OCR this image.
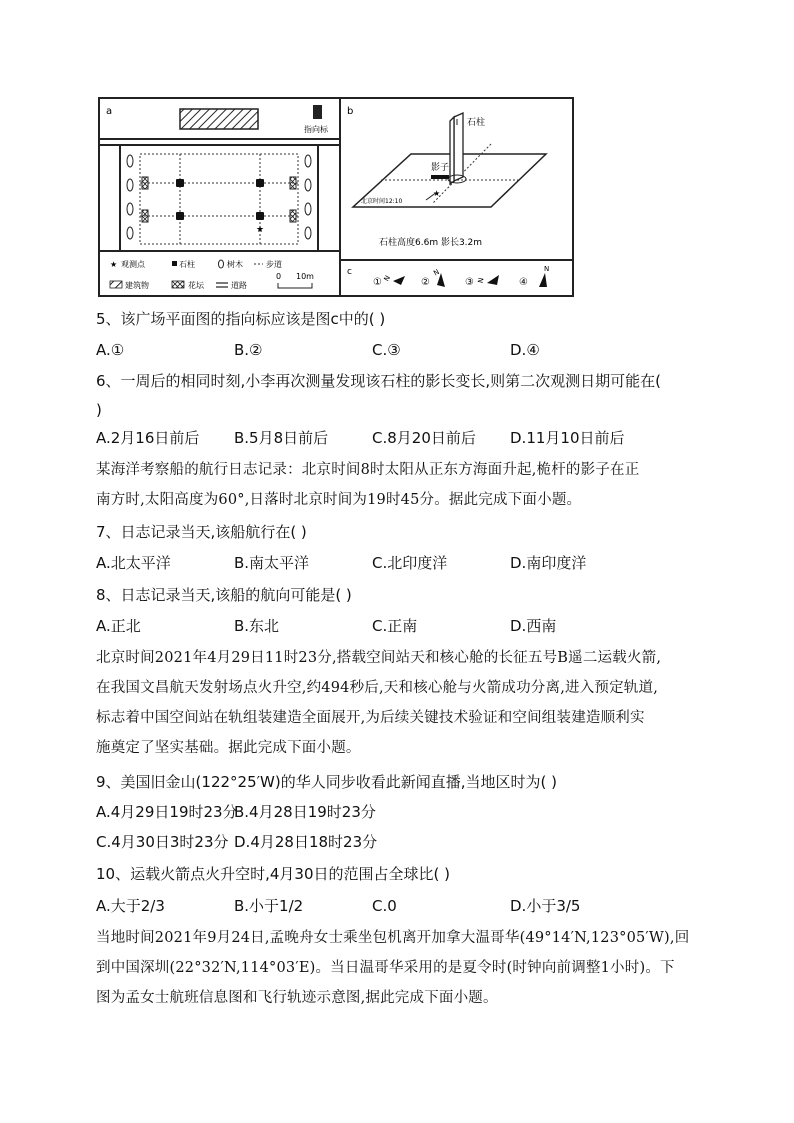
a
指向标
★
★ 观测点	石柱	树木	步道
建筑物	花坛	道路
0 10m
b
石柱
影子
★
北京时间12:10
石柱高度6.6m 影长3.2m
c
① N	②
N
③ N	④
N
5、该广场平面图的指向标应该是图c中的( )
A.①	B.②	C.③	D.④
6、一周后的相同时刻,小李再次测量发现该石柱的影长变长,则第二次观测日期可能在(
)
A.2月16日前后 B.5月8日前后	C.8月20日前后 D.11月10日前后
某海洋考察船的航行日志记录：北京时间8时太阳从正东方海面升起,桅杆的影子在正
南方时,太阳高度为60°,日落时北京时间为19时45分。据此完成下面小题。
7、日志记录当天,该船航行在( )
A.北太平洋	B.南太平洋	C.北印度洋	D.南印度洋
8、日志记录当天,该船的航向可能是( )
A.正北	B.东北	C.正南	D.西南
北京时间2021年4月29日11时23分,搭载空间站天和核心舱的长征五号B遥二运载火箭,
在我国文昌航天发射场点火升空,约494秒后,天和核心舱与火箭成功分离,进入预定轨道,
标志着中国空间站在轨组装建造全面展开,为后续关键技术验证和空间组装建造顺利实
施奠定了坚实基础。据此完成下面小题。
9、美国旧金山(122°25′W)的华人同步收看此新闻直播,当地区时为( )
A.4月29日19时23分
B.4月28日19时23分
C.4月30日3时23分 D.4月28日18时23分
10、运载火箭点火升空时,4月30日的范围占全球比( )
A.大于2/3	B.小于1/2	C.0	D.小于3/5
当地时间2021年9月24日,孟晚舟女士乘坐包机离开加拿大温哥华(49°14′N,123°05′W),回
到中国深圳(22°32′N,114°03′E)。当日温哥华采用的是夏令时(时钟向前调整1小时)。下
图为孟女士航班信息图和飞行轨迹示意图,据此完成下面小题。
